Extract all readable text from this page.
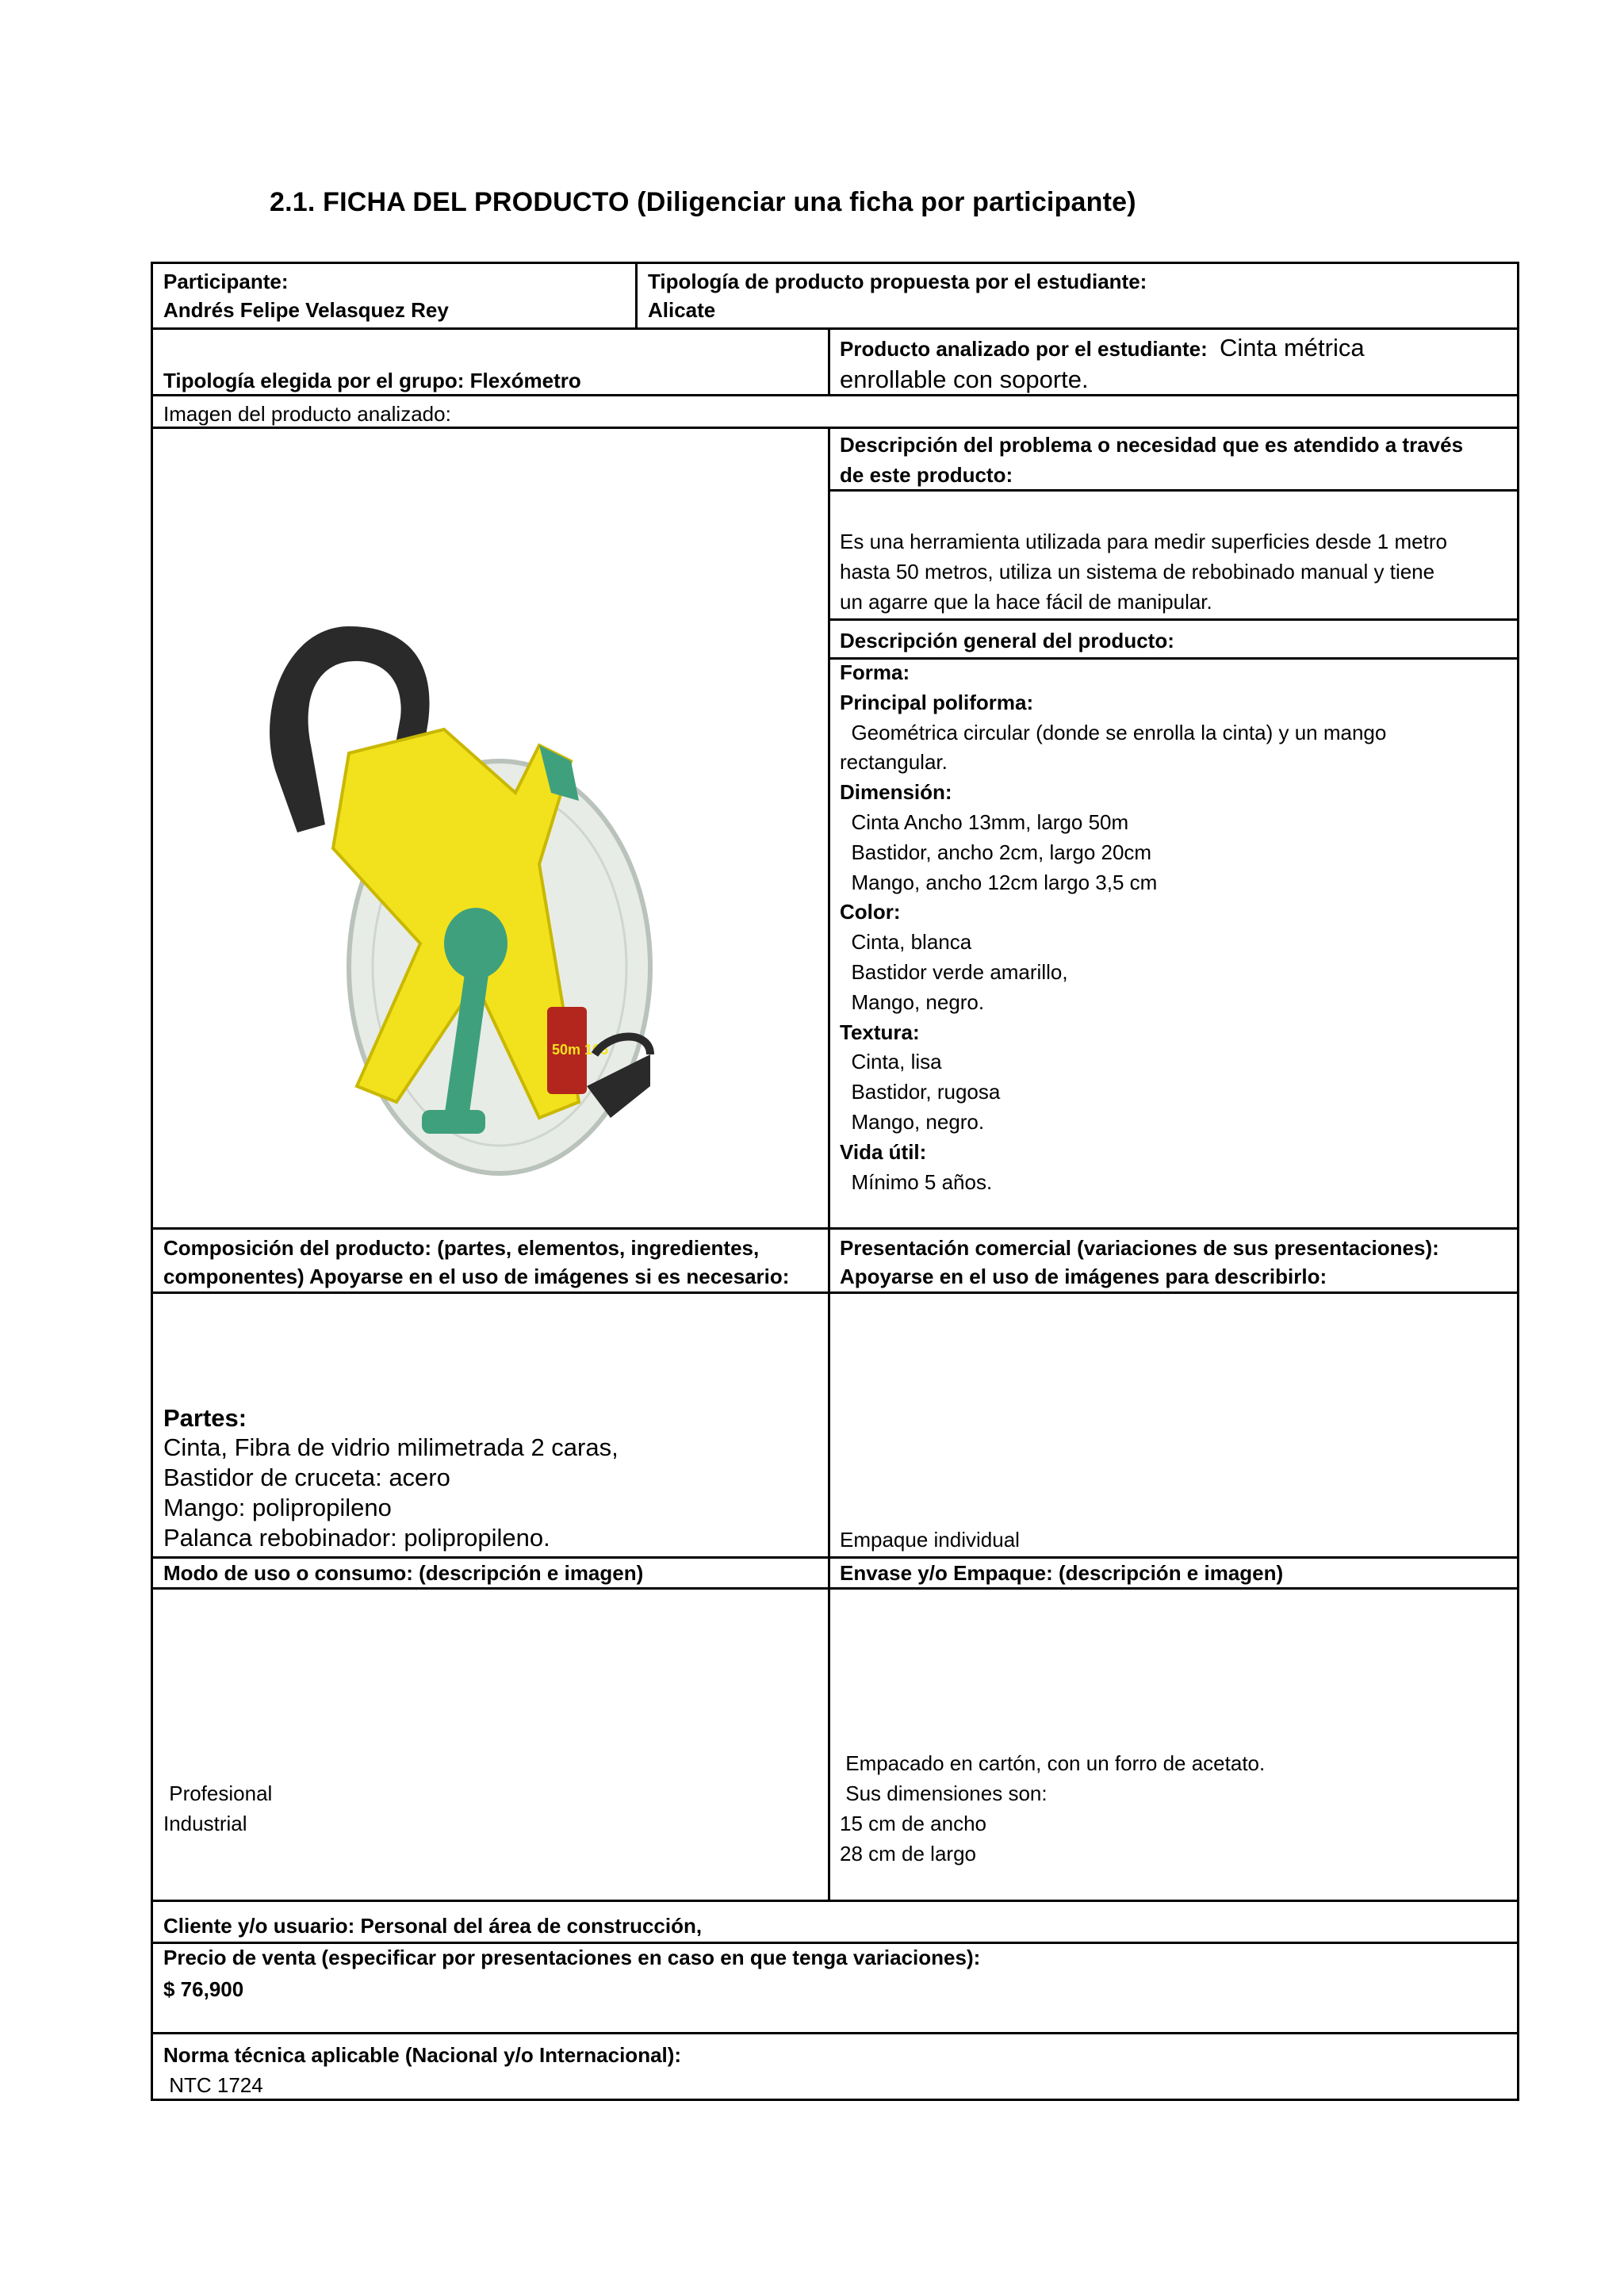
2.1. FICHA DEL PRODUCTO (Diligenciar una ficha por participante)
Participante:
Andrés Felipe Velasquez Rey
Tipología de producto propuesta por el estudiante:
Alicate
Tipología elegida por el grupo: Flexómetro
Producto analizado por el estudiante: Cinta métrica
enrollable con soporte.
Imagen del producto analizado:
50m 165
Descripción del problema o necesidad que es atendido a través
de este producto:
Es una herramienta utilizada para medir superficies desde 1 metro
hasta 50 metros, utiliza un sistema de rebobinado manual y tiene
un agarre que la hace fácil de manipular.
Descripción general del producto:
Forma:
Principal poliforma:
Geométrica circular (donde se enrolla la cinta) y un mango
rectangular.
Dimensión:
Cinta Ancho 13mm, largo 50m
Bastidor, ancho 2cm, largo 20cm
Mango, ancho 12cm largo 3,5 cm
Color:
Cinta, blanca
Bastidor verde amarillo,
Mango, negro.
Textura:
Cinta, lisa
Bastidor, rugosa
Mango, negro.
Vida útil:
Mínimo 5 años.
Composición del producto: (partes, elementos, ingredientes,
componentes) Apoyarse en el uso de imágenes si es necesario:
Presentación comercial (variaciones de sus presentaciones):
Apoyarse en el uso de imágenes para describirlo:
Partes:
Cinta, Fibra de vidrio milimetrada 2 caras,
Bastidor de cruceta: acero
Mango: polipropileno
Palanca rebobinador: polipropileno.	Empaque individual
Modo de uso o consumo: (descripción e imagen)	Envase y/o Empaque: (descripción e imagen)
Profesional
Industrial
Empacado en cartón, con un forro de acetato.
Sus dimensiones son:
15 cm de ancho
28 cm de largo
Cliente y/o usuario: Personal del área de construcción,
Precio de venta (especificar por presentaciones en caso en que tenga variaciones):
$ 76,900
Norma técnica aplicable (Nacional y/o Internacional):
NTC 1724
